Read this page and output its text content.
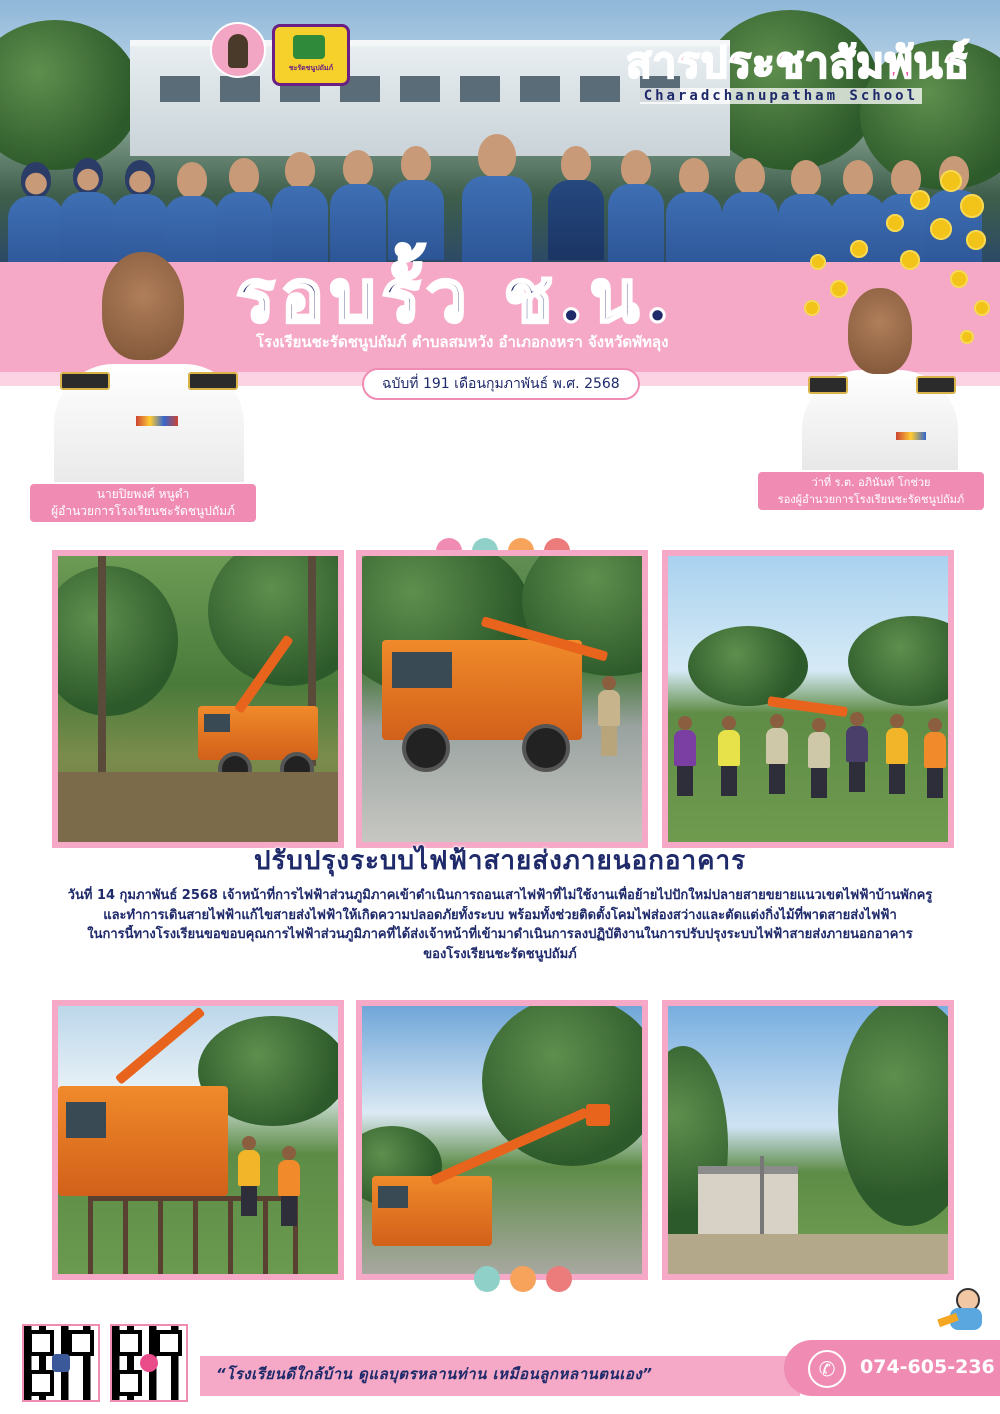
ชะรัดชนูปถัมภ์	สารประชาสัมพันธ์
Charadchanupatham School
รอบรั้ว ช.น.
โรงเรียนชะรัดชนูปถัมภ์ ตำบลสมหวัง อำเภอกงหรา จังหวัดพัทลุง
ฉบับที่ 191 เดือนกุมภาพันธ์ พ.ศ. 2568
นายปิยพงศ์ หนูดำ
ผู้อำนวยการโรงเรียนชะรัดชนูปถัมภ์
ว่าที่ ร.ต. อภินันท์ โกช่วย
รองผู้อำนวยการโรงเรียนชะรัดชนูปถัมภ์
ปรับปรุงระบบไฟฟ้าสายส่งภายนอกอาคาร
วันที่ 14 กุมภาพันธ์ 2568 เจ้าหน้าที่การไฟฟ้าส่วนภูมิภาคเข้าดำเนินการถอนเสาไฟฟ้าที่ไม่ใช้งานเพื่อย้ายไปปักใหม่ปลายสายขยายแนวเขตไฟฟ้าบ้านพักครู
และทำการเดินสายไฟฟ้าแก้ไขสายส่งไฟฟ้าให้เกิดความปลอดภัยทั้งระบบ พร้อมทั้งช่วยติดตั้งโคมไฟส่องสว่างและตัดแต่งกิ่งไม้ที่พาดสายส่งไฟฟ้า
ในการนี้ทางโรงเรียนขอขอบคุณการไฟฟ้าส่วนภูมิภาคที่ได้ส่งเจ้าหน้าที่เข้ามาดำเนินการลงปฏิบัติงานในการปรับปรุงระบบไฟฟ้าสายส่งภายนอกอาคาร
ของโรงเรียนชะรัดชนูปถัมภ์
“โรงเรียนดีใกล้บ้าน ดูแลบุตรหลานท่าน เหมือนลูกหลานตนเอง”	✆	074-605-236
